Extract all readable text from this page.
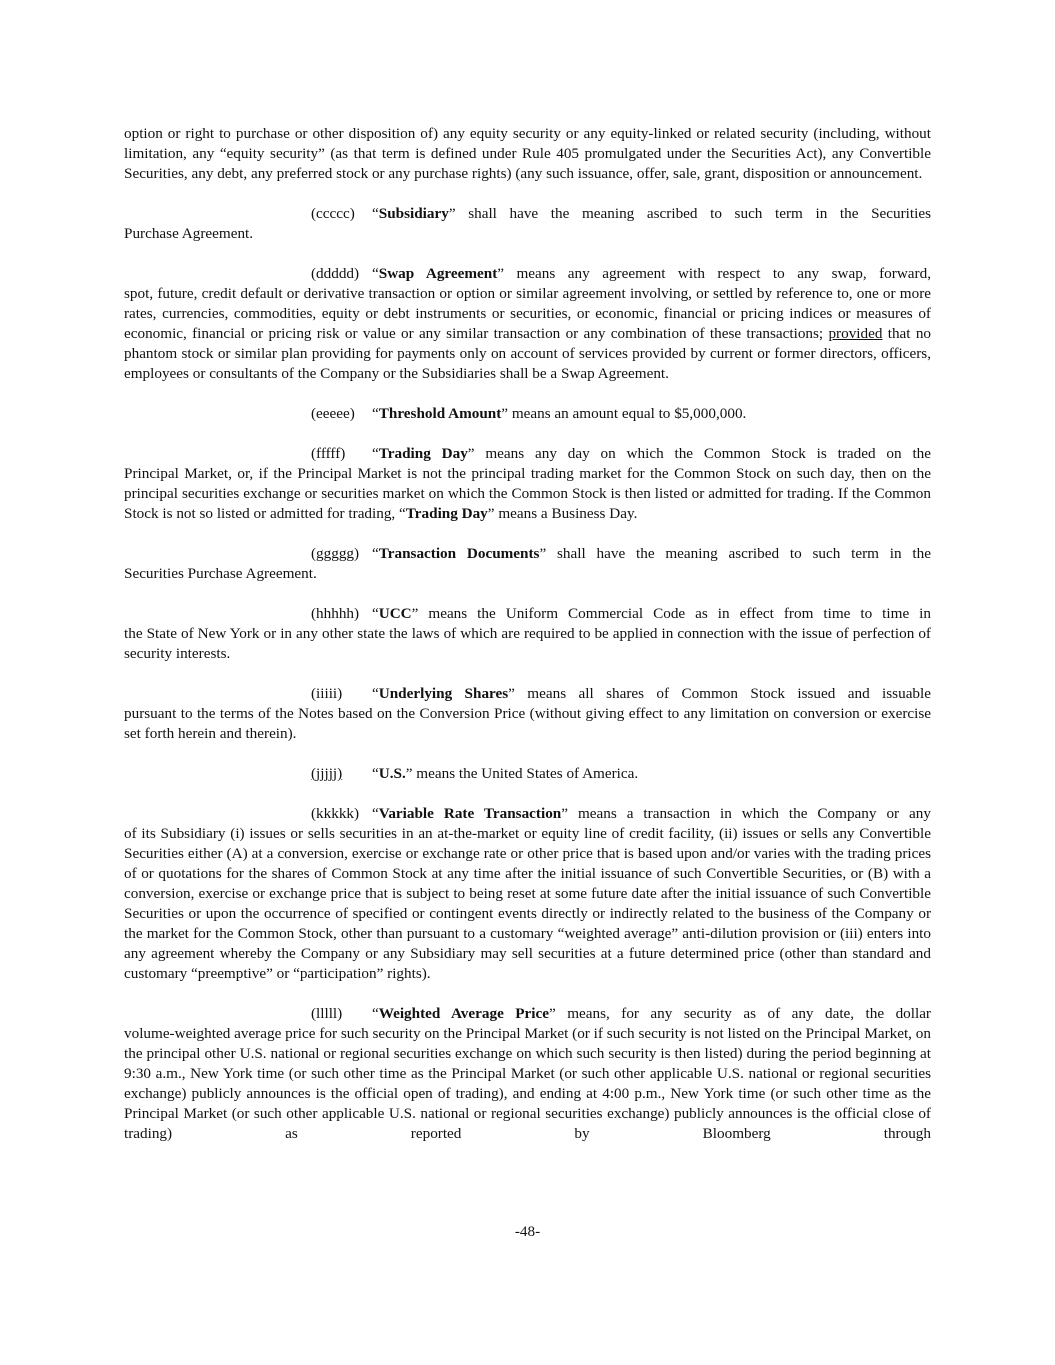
option or right to purchase or other disposition of) any equity security or any equity-linked or related security (including, without limitation, any “equity security” (as that term is defined under Rule 405 promulgated under the Securities Act), any Convertible Securities, any debt, any preferred stock or any purchase rights) (any such issuance, offer, sale, grant, disposition or announcement.

(ccccc) “Subsidiary” shall have the meaning ascribed to such term in the Securities
Purchase Agreement.

(ddddd) “Swap Agreement” means any agreement with respect to any swap, forward,
spot, future, credit default or derivative transaction or option or similar agreement involving, or settled by reference to, one or more rates, currencies, commodities, equity or debt instruments or securities, or economic, financial or pricing indices or measures of economic, financial or pricing risk or value or any similar transaction or any combination of these transactions; provided that no phantom stock or similar plan providing for payments only on account of services provided by current or former directors, officers, employees or consultants of the Company or the Subsidiaries shall be a Swap Agreement.

(eeeee) “Threshold Amount” means an amount equal to $5,000,000.

(fffff) “Trading Day” means any day on which the Common Stock is traded on the
Principal Market, or, if the Principal Market is not the principal trading market for the Common Stock on such day, then on the principal securities exchange or securities market on which the Common Stock is then listed or admitted for trading. If the Common Stock is not so listed or admitted for trading, “Trading Day” means a Business Day.

(ggggg) “Transaction Documents” shall have the meaning ascribed to such term in the
Securities Purchase Agreement.

(hhhhh) “UCC” means the Uniform Commercial Code as in effect from time to time in
the State of New York or in any other state the laws of which are required to be applied in connection with the issue of perfection of security interests.

(iiiii) “Underlying Shares” means all shares of Common Stock issued and issuable
pursuant to the terms of the Notes based on the Conversion Price (without giving effect to any limitation on conversion or exercise set forth herein and therein).

(jjjjj) “U.S.” means the United States of America.

(kkkkk) “Variable Rate Transaction” means a transaction in which the Company or any
of its Subsidiary (i) issues or sells securities in an at-the-market or equity line of credit facility, (ii) issues or sells any Convertible Securities either (A) at a conversion, exercise or exchange rate or other price that is based upon and/or varies with the trading prices of or quotations for the shares of Common Stock at any time after the initial issuance of such Convertible Securities, or (B) with a conversion, exercise or exchange price that is subject to being reset at some future date after the initial issuance of such Convertible Securities or upon the occurrence of specified or contingent events directly or indirectly related to the business of the Company or the market for the Common Stock, other than pursuant to a customary “weighted average” anti-dilution provision or (iii) enters into any agreement whereby the Company or any Subsidiary may sell securities at a future determined price (other than standard and customary “preemptive” or “participation” rights).

(lllll) “Weighted Average Price” means, for any security as of any date, the dollar
volume-weighted average price for such security on the Principal Market (or if such security is not listed on the Principal Market, on the principal other U.S. national or regional securities exchange on which such security is then listed) during the period beginning at 9:30 a.m., New York time (or such other time as the Principal Market (or such other applicable U.S. national or regional securities exchange) publicly announces is the official open of trading), and ending at 4:00 p.m., New York time (or such other time as the Principal Market (or such other applicable U.S. national or regional securities exchange) publicly announces is the official close of trading) as reported by Bloomberg through

-48-
